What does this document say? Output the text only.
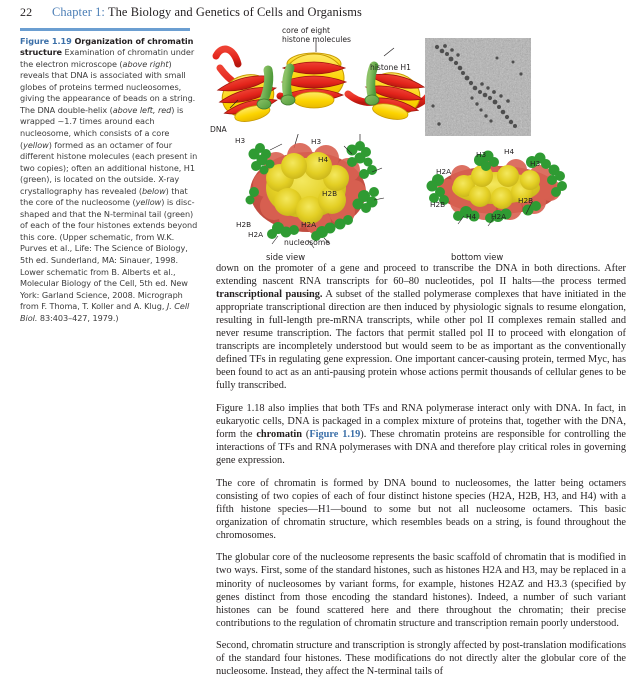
22 Chapter 1: The Biology and Genetics of Cells and Organisms
Figure 1.19 Organization of chromatin structure Examination of chromatin under the electron microscope (above right) reveals that DNA is associated with small globes of proteins termed nucleosomes, giving the appearance of beads on a string. The DNA double-helix (above left, red) is wrapped ~1.7 times around each nucleosome, which consists of a core (yellow) formed as an octamer of four different histone molecules (each present in two copies); often an additional histone, H1 (green), is located on the outside. X-ray crystallography has revealed (below) that the core of the nucleosome (yellow) is disc-shaped and that the N-terminal tail (green) of each of the four histones extends beyond this core. (Upper schematic, from W.K. Purves et al., Life: The Science of Biology, 5th ed. Sunderland, MA: Sinauer, 1998. Lower schematic from B. Alberts et al., Molecular Biology of the Cell, 5th ed. New York: Garland Science, 2008. Micrograph from F. Thoma, T. Koller and A. Klug, J. Cell Biol. 83:403–427, 1979.)
core of eight
histone molecules
histone H1
DNA
H3	H3
H4
H2B
H2A
H2B
H2A
nucleosome
side view
H3 H4
H3
H2A
H2B
H4 H2A
H2B
bottom view

down on the promoter of a gene and proceed to transcribe the DNA in both directions. After extending nascent RNA transcripts for 60–80 nucleotides, pol II halts—the process termed transcriptional pausing. A subset of the stalled polymerase complexes that have initiated in the appropriate transcriptional direction are then induced by physiologic signals to resume elongation, resulting in full-length pre-mRNA transcripts, while other pol II complexes remain stalled and never resume transcription. The factors that permit stalled pol II to proceed with elongation of transcripts are incompletely understood but would seem to be as important as the conventionally defined TFs in regulating gene expression. One important cancer-causing protein, termed Myc, has been found to act as an anti-pausing protein whose actions permit thousands of cellular genes to be fully transcribed.

Figure 1.18 also implies that both TFs and RNA polymerase interact only with DNA. In fact, in eukaryotic cells, DNA is packaged in a complex mixture of proteins that, together with the DNA, form the chromatin (Figure 1.19). These chromatin proteins are responsible for controlling the interactions of TFs and RNA polymerases with DNA and therefore play critical roles in governing gene expression.

The core of chromatin is formed by DNA bound to nucleosomes, the latter being octamers consisting of two copies of each of four distinct histone species (H2A, H2B, H3, and H4) with a fifth histone species—H1—bound to some but not all nucleosome octamers. This basic organization of chromatin structure, which resembles beads on a string, is found throughout the chromosomes.

The globular core of the nucleosome represents the basic scaffold of chromatin that is modified in two ways. First, some of the standard histones, such as histones H2A and H3, may be replaced in a minority of nucleosomes by variant forms, for example, histones H2AZ and H3.3 (specified by genes distinct from those encoding the standard histones). Indeed, a number of such variant histones can be found scattered here and there throughout the chromatin; their precise contributions to the regulation of chromatin structure and transcription remain poorly understood.

Second, chromatin structure and transcription is strongly affected by post-translation modifications of the standard four histones. These modifications do not directly alter the globular core of the nucleosome. Instead, they affect the N-terminal tails of
